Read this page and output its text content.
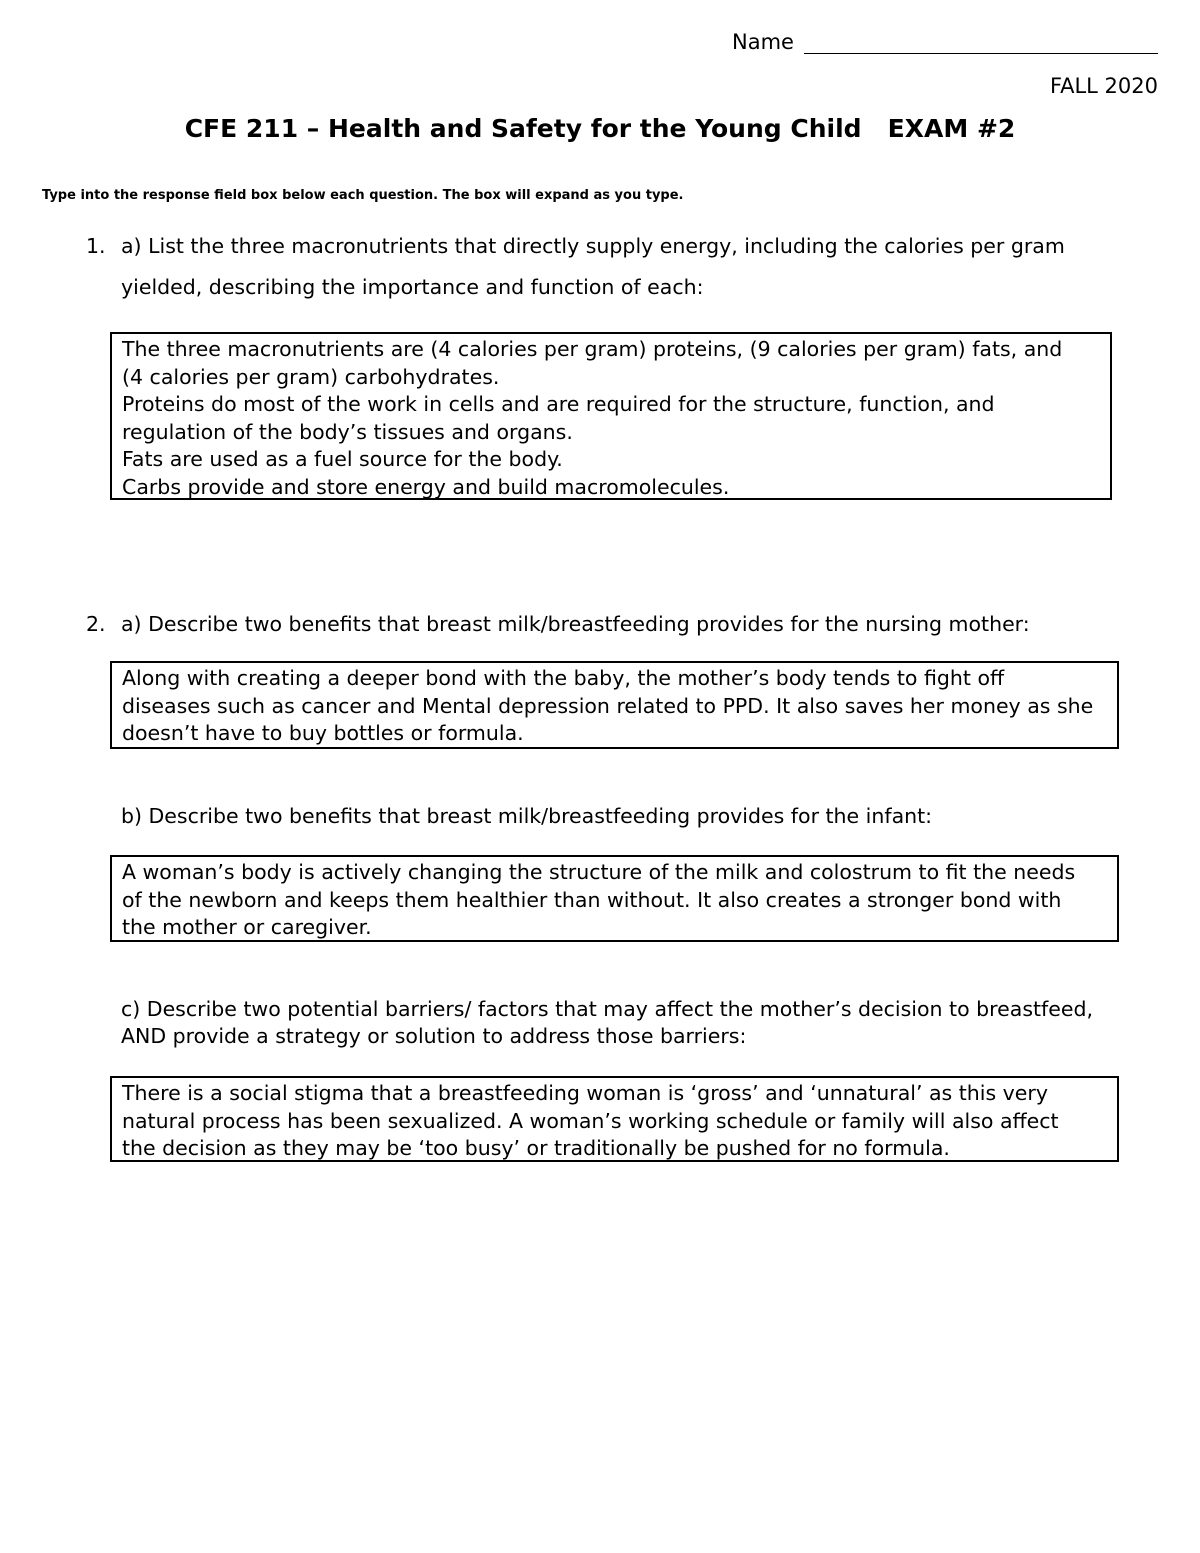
Name
FALL 2020
CFE 211 – Health and Safety for the Young Child   EXAM #2
Type into the response field box below each question. The box will expand as you type.
1. a) List the three macronutrients that directly supply energy, including the calories per gram yielded, describing the importance and function of each:
The three macronutrients are (4 calories per gram) proteins, (9 calories per gram) fats, and
(4 calories per gram) carbohydrates.
Proteins do most of the work in cells and are required for the structure, function, and
regulation of the body’s tissues and organs.
Fats are used as a fuel source for the body.
Carbs provide and store energy and build macromolecules.
2. a) Describe two benefits that breast milk/breastfeeding provides for the nursing mother:
Along with creating a deeper bond with the baby, the mother’s body tends to fight off
diseases such as cancer and Mental depression related to PPD. It also saves her money as she
doesn’t have to buy bottles or formula.
b) Describe two benefits that breast milk/breastfeeding provides for the infant:
A woman’s body is actively changing the structure of the milk and colostrum to fit the needs
of the newborn and keeps them healthier than without. It also creates a stronger bond with
the mother or caregiver.
c) Describe two potential barriers/ factors that may affect the mother’s decision to breastfeed,
AND provide a strategy or solution to address those barriers:
There is a social stigma that a breastfeeding woman is ‘gross’ and ‘unnatural’ as this very
natural process has been sexualized. A woman’s working schedule or family will also affect
the decision as they may be ‘too busy’ or traditionally be pushed for no formula.
